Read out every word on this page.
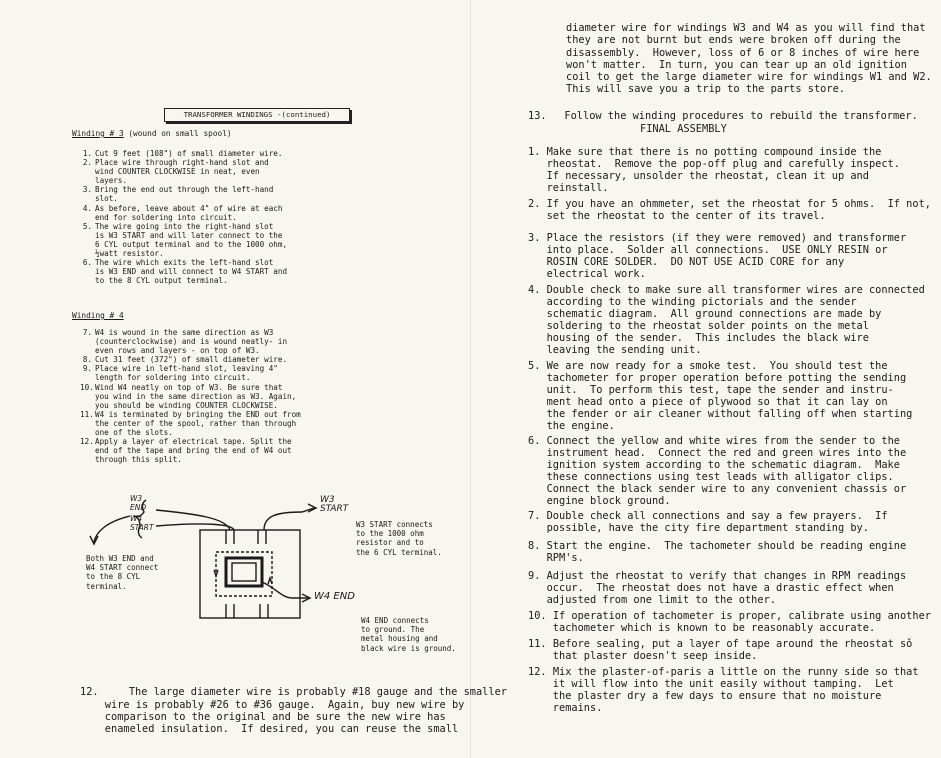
TRANSFORMER WINDINGS -(continued)
Winding # 3 (wound on small spool)
1. Cut 9 feet (108") of small diameter wire.
2. Place wire through right-hand slot and
wind COUNTER CLOCKWISE in neat, even
layers.
3. Bring the end out through the left-hand
slot.
4. As before, leave about 4" of wire at each
end for soldering into circuit.
5. The wire going into the right-hand slot
is W3 START and will later connect to the
6 CYL output terminal and to the 1000 ohm,
½watt resistor.
6. The wire which exits the left-hand slot
is W3 END and will connect to W4 START and
to the 8 CYL output terminal.
Winding # 4
7. W4 is wound in the same direction as W3
(counterclockwise) and is wound neatly- in
even rows and layers - on top of W3.
8. Cut 31 feet (372") of small diameter wire.
9. Place wire in left-hand slot, leaving 4"
length for soldering into circuit.
10. Wind W4 neatly on top of W3. Be sure that
you wind in the same direction as W3. Again,
you should be winding COUNTER CLOCKWISE.
11. W4 is terminated by bringing the END out from
the center of the spool, rather than through
one of the slots.
12. Apply a layer of electrical tape. Split the
end of the tape and bring the end of W4 out
through this split.
W3
END
W4
START
W3
START
W4 END
Both W3 END and
W4 START connect
to the 8 CYL
terminal.
W3 START connects
to the 1000 ohm
resistor and to
the 6 CYL terminal.
W4 END connects
to ground. The
metal housing and
black wire is ground.

12.	The large diameter wire is probably #18 gauge and the smaller
wire is probably #26 to #36 gauge.  Again, buy new wire by
comparison to the original and be sure the new wire has
enameled insulation.  If desired, you can reuse the small

diameter wire for windings W3 and W4 as you will find that
they are not burnt but ends were broken off during the
disassembly.  However, loss of 6 or 8 inches of wire here
won't matter.  In turn, you can tear up an old ignition
coil to get the large diameter wire for windings W1 and W2.
This will save you a trip to the parts store.

13. Follow the winding procedures to rebuild the transformer.

FINAL ASSEMBLY
1. Make sure that there is no potting compound inside the
rheostat.  Remove the pop-off plug and carefully inspect.
If necessary, unsolder the rheostat, clean it up and
reinstall.
2. If you have an ohmmeter, set the rheostat for 5 ohms.  If not,
set the rheostat to the center of its travel.
3. Place the resistors (if they were removed) and transformer
into place.  Solder all connections.  USE ONLY RESIN or
ROSIN CORE SOLDER.  DO NOT USE ACID CORE for any
electrical work.
4. Double check to make sure all transformer wires are connected
according to the winding pictorials and the sender
schematic diagram.  All ground connections are made by
soldering to the rheostat solder points on the metal
housing of the sender.  This includes the black wire
leaving the sending unit.
5. We are now ready for a smoke test.  You should test the
tachometer for proper operation before potting the sending
unit.  To perform this test, tape the sender and instru-
ment head onto a piece of plywood so that it can lay on
the fender or air cleaner without falling off when starting
the engine.
6. Connect the yellow and white wires from the sender to the
instrument head.  Connect the red and green wires into the
ignition system according to the schematic diagram.  Make
these connections using test leads with alligator clips.
Connect the black sender wire to any convenient chassis or
engine block ground.
7. Double check all connections and say a few prayers.  If
possible, have the city fire department standing by.
8. Start the engine.  The tachometer should be reading engine
RPM's.
9. Adjust the rheostat to verify that changes in RPM readings
occur.  The rheostat does not have a drastic effect when
adjusted from one limit to the other.
10. If operation of tachometer is proper, calibrate using another
tachometer which is known to be reasonably accurate.
11. Before sealing, put a layer of tape around the rheostat sǒ
that plaster doesn't seep inside.
12. Mix the plaster-of-paris a little on the runny side so that
it will flow into the unit easily without tamping.  Let
the plaster dry a few days to ensure that no moisture
remains.
